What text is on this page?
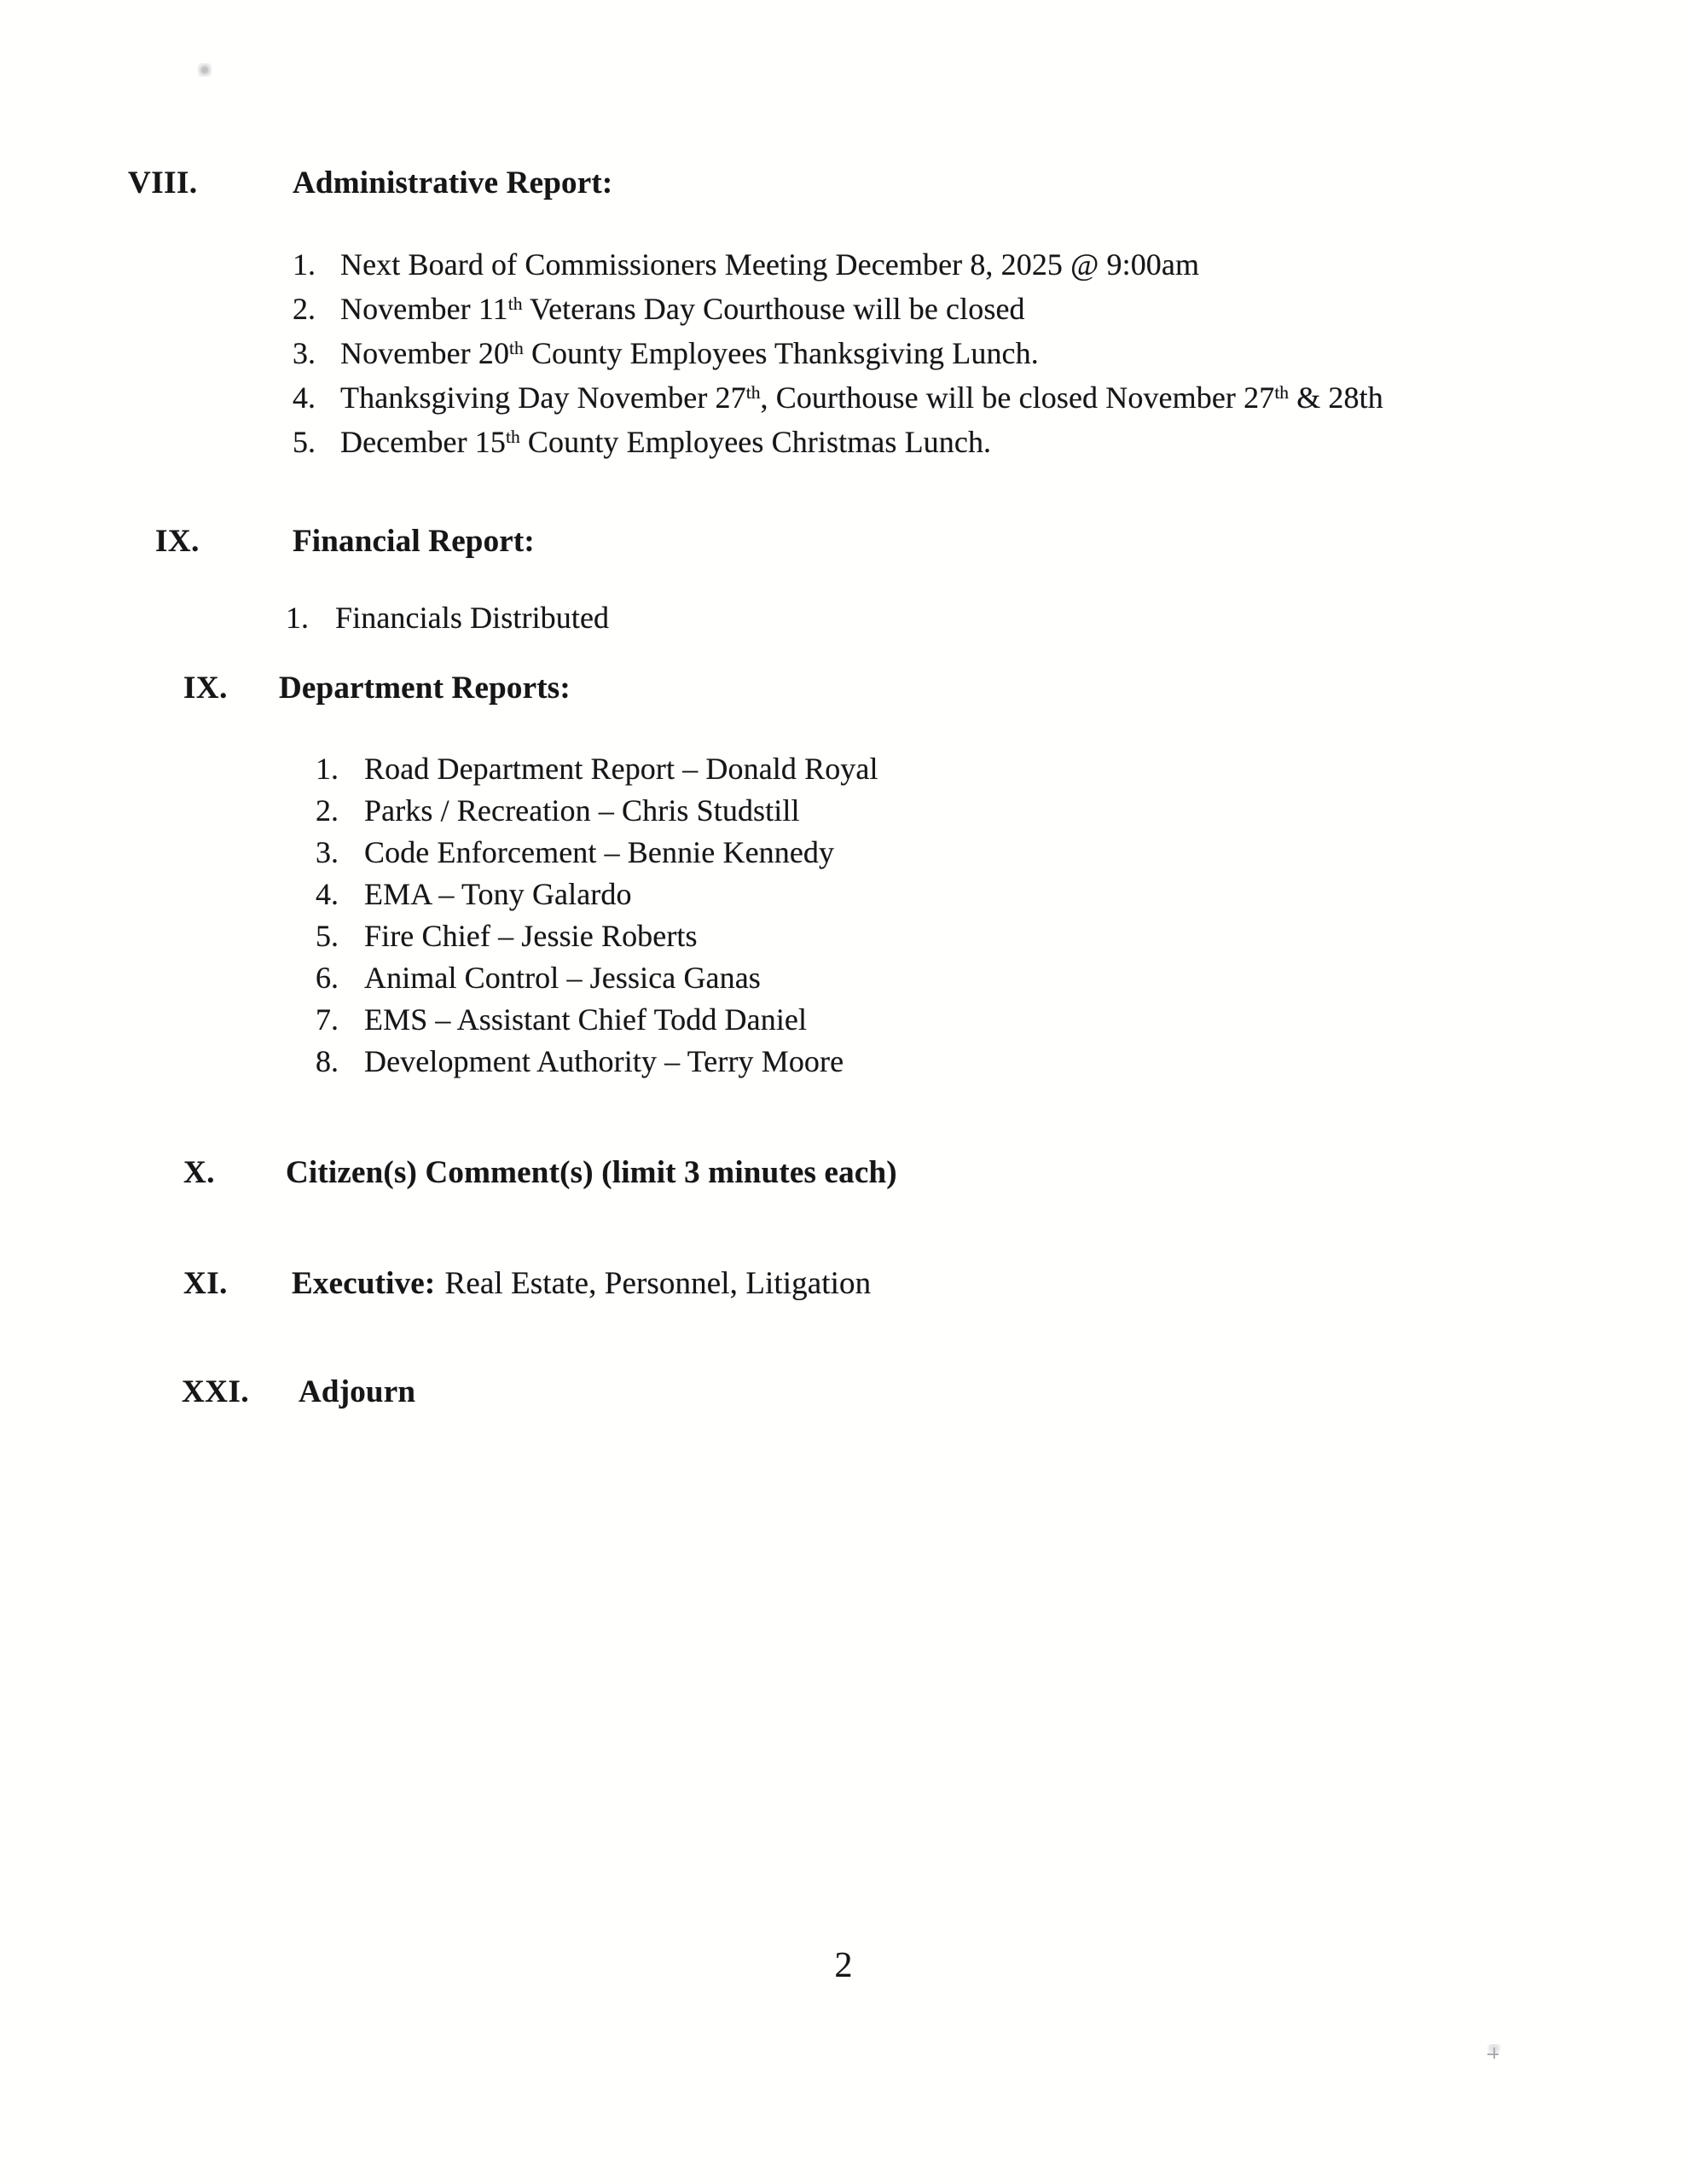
VIII.	Administrative Report:
1. Next Board of Commissioners Meeting December 8, 2025 @ 9:00am
2. November 11th Veterans Day Courthouse will be closed
3. November 20th County Employees Thanksgiving Lunch.
4. Thanksgiving Day November 27th, Courthouse will be closed November 27th & 28th
5. December 15th County Employees Christmas Lunch.
IX.	Financial Report:
1. Financials Distributed
IX. Department Reports:
1. Road Department Report – Donald Royal
2. Parks / Recreation – Chris Studstill
3. Code Enforcement – Bennie Kennedy
4. EMA – Tony Galardo
5. Fire Chief – Jessie Roberts
6. Animal Control – Jessica Ganas
7. EMS – Assistant Chief Todd Daniel
8. Development Authority – Terry Moore
X. Citizen(s) Comment(s) (limit 3 minutes each)
XI. Executive: Real Estate, Personnel, Litigation
XXI. Adjourn
2
